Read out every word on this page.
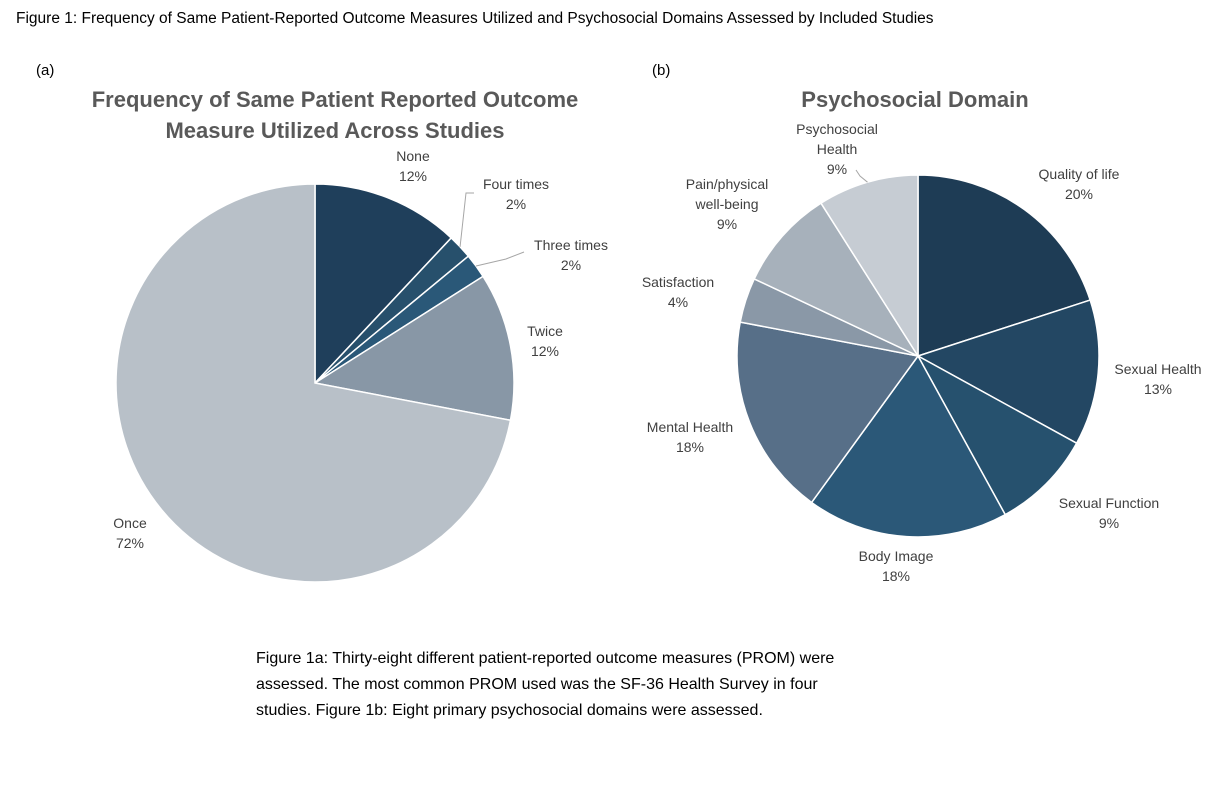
Figure 1: Frequency of Same Patient-Reported Outcome Measures Utilized and Psychosocial Domains Assessed by Included Studies
(a)	(b)
Frequency of Same Patient Reported Outcome
Measure Utilized Across Studies
Psychosocial Domain
None
12%	Four times
2%
Three times
2%
Twice
12%
Once
72%
Quality of life
20%
Sexual Health
13%
Sexual Function
9%
Body Image
18%
Mental Health
18%
Satisfaction
4%
Pain/physical
well-being
9%
Psychosocial
Health
9%
Figure 1a: Thirty-eight different patient-reported outcome measures (PROM) were
assessed. The most common PROM used was the SF-36 Health Survey in four
studies. Figure 1b: Eight primary psychosocial domains were assessed.
